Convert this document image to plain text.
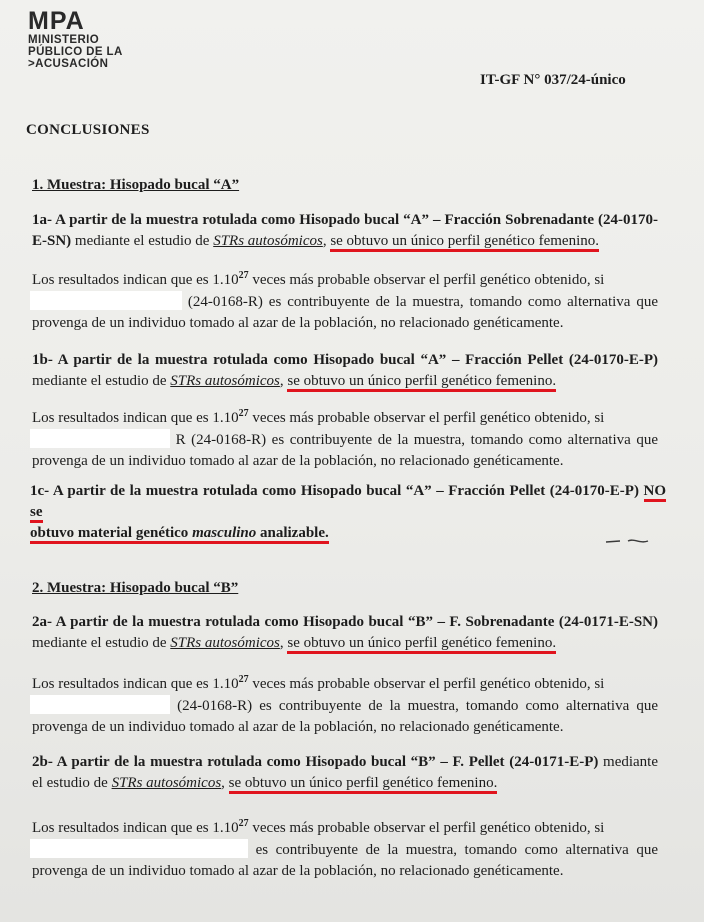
MPA
MINISTERIO
PÚBLICO DE LA
>ACUSACIÓN
IT-GF N° 037/24-único
CONCLUSIONES
1. Muestra: Hisopado bucal “A”
1a- A partir de la muestra rotulada como Hisopado bucal “A” – Fracción Sobrenadante (24-0170-E-SN) mediante el estudio de STRs autosómicos, se obtuvo un único perfil genético femenino.
Los resultados indican que es 1.10$^{27}$ veces más probable observar el perfil genético obtenido, si
(24-0168-R) es contribuyente de la muestra, tomando como alternativa que provenga de un individuo tomado al azar de la población, no relacionado genéticamente.
1b- A partir de la muestra rotulada como Hisopado bucal “A” – Fracción Pellet (24-0170-E-P) mediante el estudio de STRs autosómicos, se obtuvo un único perfil genético femenino.
Los resultados indican que es 1.10$^{27}$ veces más probable observar el perfil genético obtenido, si
R (24-0168-R) es contribuyente de la muestra, tomando como alternativa que provenga de un individuo tomado al azar de la población, no relacionado genéticamente.
1c- A partir de la muestra rotulada como Hisopado bucal “A” – Fracción Pellet (24-0170-E-P) NO se
obtuvo material genético masculino analizable.
2. Muestra: Hisopado bucal “B”
2a- A partir de la muestra rotulada como Hisopado bucal “B” – F. Sobrenadante (24-0171-E-SN) mediante el estudio de STRs autosómicos, se obtuvo un único perfil genético femenino.
Los resultados indican que es 1.10$^{27}$ veces más probable observar el perfil genético obtenido, si
(24-0168-R) es contribuyente de la muestra, tomando como alternativa que provenga de un individuo tomado al azar de la población, no relacionado genéticamente.
2b- A partir de la muestra rotulada como Hisopado bucal “B” – F. Pellet (24-0171-E-P) mediante el estudio de STRs autosómicos, se obtuvo un único perfil genético femenino.
Los resultados indican que es 1.10$^{27}$ veces más probable observar el perfil genético obtenido, si
es contribuyente de la muestra, tomando como alternativa que provenga de un individuo tomado al azar de la población, no relacionado genéticamente.
